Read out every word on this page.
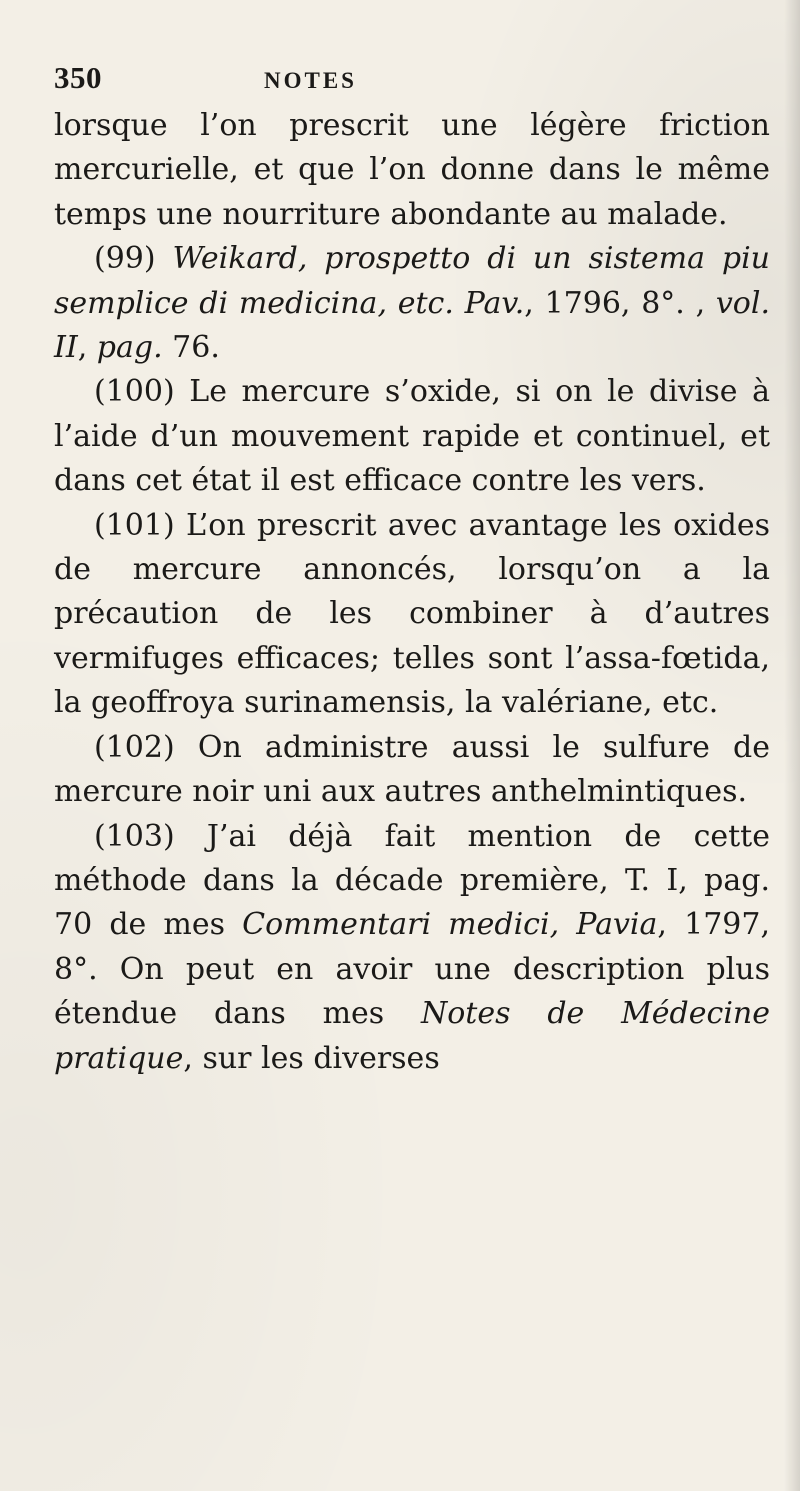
350	NOTES
lorsque l’on prescrit une légère friction mercurielle, et que l’on donne dans le même temps une nourriture abondante au malade.
(99) Weikard, prospetto di un sistema piu semplice di medicina, etc. Pav., 1796, 8°. , vol. II, pag. 76.
(100) Le mercure s’oxide, si on le divise à l’aide d’un mouvement rapide et continuel, et dans cet état il est efficace contre les vers.
(101) L’on prescrit avec avantage les oxides de mercure annoncés, lorsqu’on a la précaution de les combiner à d’autres vermifuges efficaces; telles sont l’assa-fœtida, la geoffroya surinamensis, la valériane, etc.
(102) On administre aussi le sulfure de mercure noir uni aux autres anthelmintiques.
(103) J’ai déjà fait mention de cette méthode dans la décade première, T. I, pag. 70 de mes Commentari medici, Pavia, 1797, 8°. On peut en avoir une description plus étendue dans mes Notes de Médecine pratique, sur les diverses
